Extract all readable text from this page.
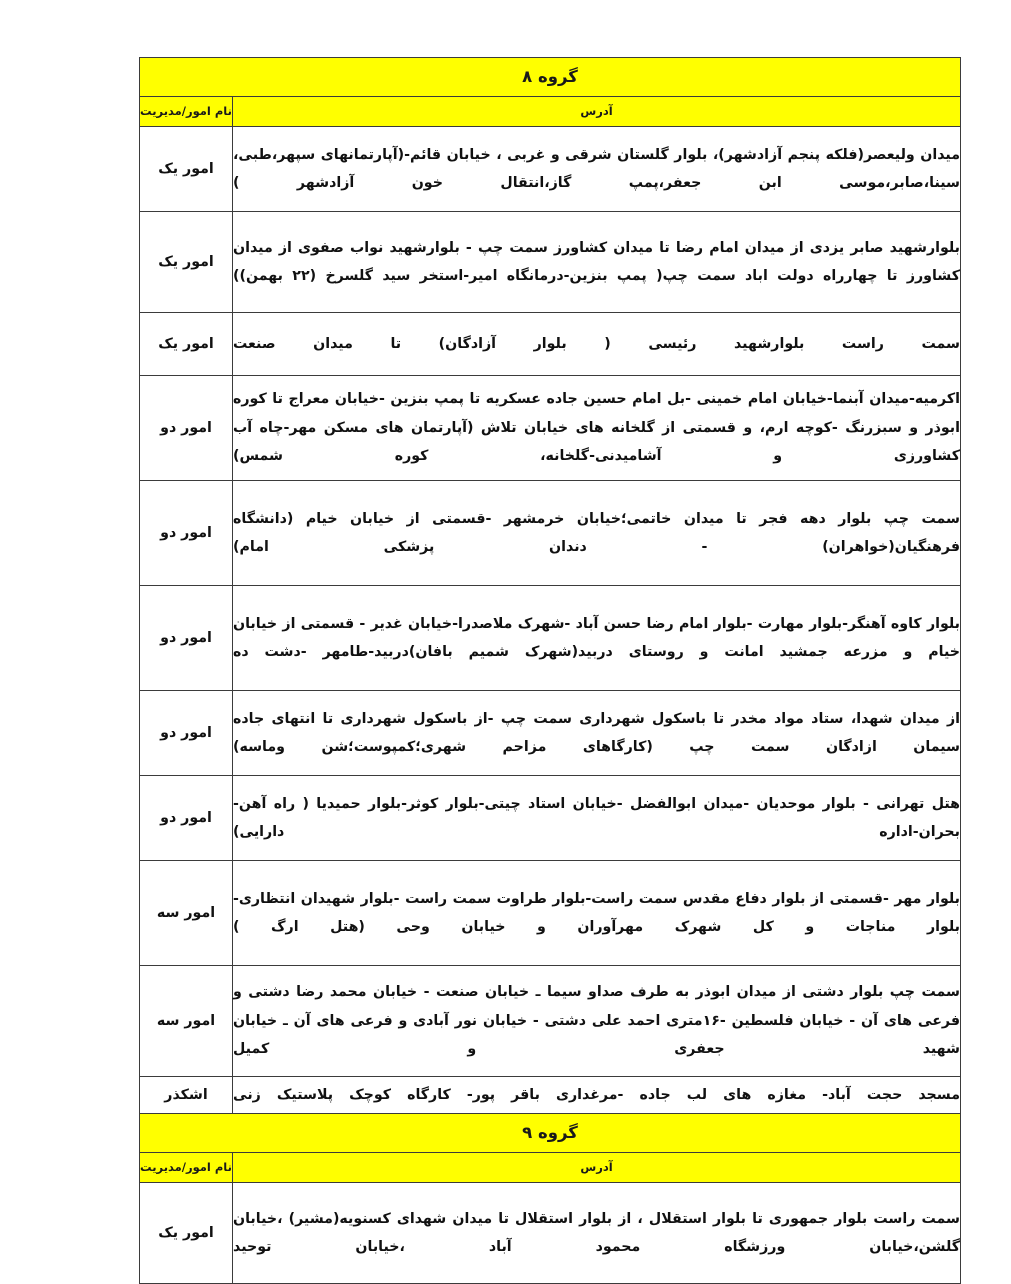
گروه ۸	
آدرس	نام امور/مدیریت

میدان ولیعصر(فلکه پنجم آزادشهر)، بلوار گلستان شرقی و غربی ، خیابان قائم-(آپارتمانهای سپهر،طبی، سینا،صابر،موسی ابن جعفر،پمپ گاز،انتقال خون آزادشهر )	امور یک

بلوارشهید صابر یزدی از میدان امام رضا تا میدان کشاورز سمت چپ - بلوارشهید نواب صفوی از میدان کشاورز تا چهارراه دولت اباد سمت چپ( پمپ بنزین-درمانگاه امیر-استخر سید گلسرخ (۲۲ بهمن))	امور یک

سمت راست بلوارشهید رئیسی ( بلوار آزادگان) تا میدان صنعت	امور یک

اکرمیه-میدان آبنما-خیابان امام خمینی -بل امام حسین جاده عسکریه تا پمپ بنزین -خیابان معراج تا کوره ابوذر و سبزرنگ -کوچه ارم، و قسمتی از گلخانه های خیابان تلاش (آپارتمان های مسکن مهر-چاه آب کشاورزی و آشامیدنی-گلخانه، کوره شمس)	امور دو

سمت چپ بلوار دهه فجر تا میدان خاتمی؛خیابان خرمشهر -قسمتی از خیابان خیام (دانشگاه فرهنگیان(خواهران) - دندان پزشکی امام)	امور دو

بلوار کاوه آهنگر-بلوار مهارت -بلوار امام رضا حسن آباد -شهرک ملاصدرا-خیابان غدیر - قسمتی از خیابان خیام و مزرعه جمشید امانت و روستای دربید(شهرک شمیم بافان)دربید-طامهر -دشت ده	امور دو

از میدان شهدا، ستاد مواد مخدر تا باسکول شهرداری سمت چپ -از باسکول شهرداری تا انتهای جاده سیمان ازادگان سمت چپ (کارگاهای مزاحم شهری؛کمپوست؛شن وماسه)	امور دو

هتل تهرانی - بلوار موحدیان -میدان ابوالفضل -خیابان استاد چیتی-بلوار کوثر-بلوار حمیدیا ( راه آهن-بحران-اداره دارایی)	امور دو

بلوار مهر -قسمتی از بلوار دفاع مقدس سمت راست-بلوار طراوت سمت راست -بلوار شهیدان انتظاری-بلوار مناجات و کل شهرک مهرآوران و خیابان وحی (هتل ارگ )	امور سه

سمت چپ بلوار دشتی از میدان ابوذر به طرف صداو سیما ـ خیابان صنعت - خیابان محمد رضا دشتی و فرعی های آن - خیابان فلسطین -۱۶متری احمد علی دشتی - خیابان نور آبادی و فرعی های آن ـ خیابان شهید جعفری و کمیل	امور سه

مسجد حجت آباد- مغازه های لب جاده -مرغداری باقر پور- کارگاه کوچک پلاستیک زنی	اشکذر
گروه ۹	
آدرس	نام امور/مدیریت

سمت راست بلوار جمهوری تا بلوار استقلال ، از بلوار استقلال تا میدان شهدای کسنویه(مشیر) ،خیابان گلشن،خیابان ورزشگاه محمود آباد ،خیابان توحید	امور یک
